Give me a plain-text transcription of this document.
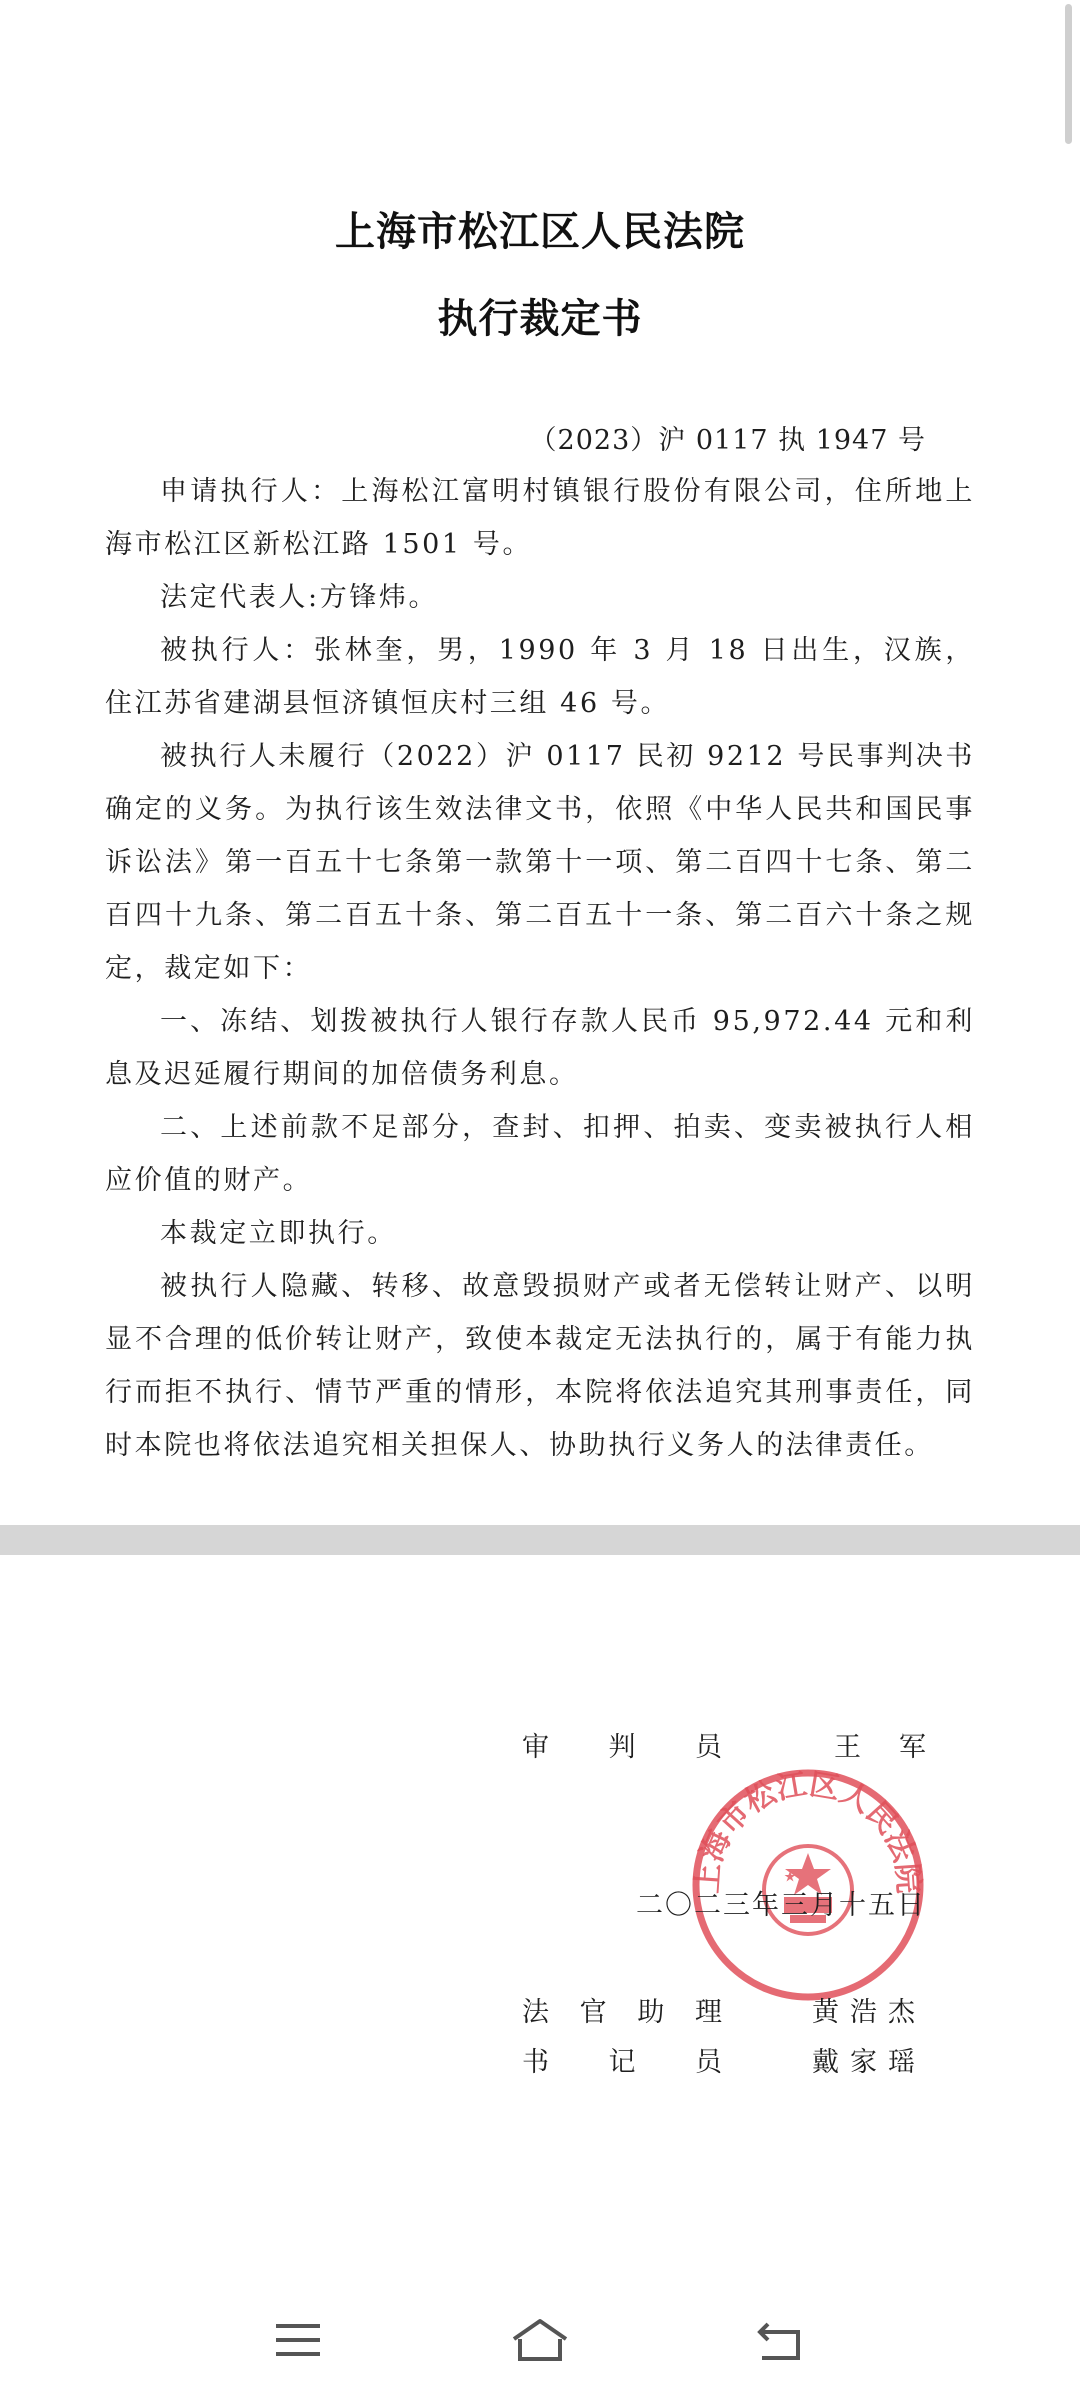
上海市松江区人民法院
执行裁定书
（2023）沪 0117 执 1947 号

申请执行人：上海松江富明村镇银行股份有限公司，住所地上海市松江区新松江路 1501 号。

法定代表人:方锋炜。

被执行人：张林奎，男，1990 年 3 月 18 日出生，汉族，住江苏省建湖县恒济镇恒庆村三组 46 号。

被执行人未履行（2022）沪 0117 民初 9212 号民事判决书确定的义务。为执行该生效法律文书，依照《中华人民共和国民事诉讼法》第一百五十七条第一款第十一项、第二百四十七条、第二百四十九条、第二百五十条、第二百五十一条、第二百六十条之规定，裁定如下：

一、冻结、划拨被执行人银行存款人民币 95,972.44 元和利息及迟延履行期间的加倍债务利息。

二、上述前款不足部分，查封、扣押、拍卖、变卖被执行人相应价值的财产。

本裁定立即执行。

被执行人隐藏、转移、故意毁损财产或者无偿转让财产、以明显不合理的低价转让财产，致使本裁定无法执行的，属于有能力执行而拒不执行、情节严重的情形，本院将依法追究其刑事责任，同时本院也将依法追究相关担保人、协助执行义务人的法律责任。

审 判 员	王军
上海市松江区人民法院
二〇二三年三月十五日
法 官 助 理	黄浩杰
书 记 员	戴家瑶
